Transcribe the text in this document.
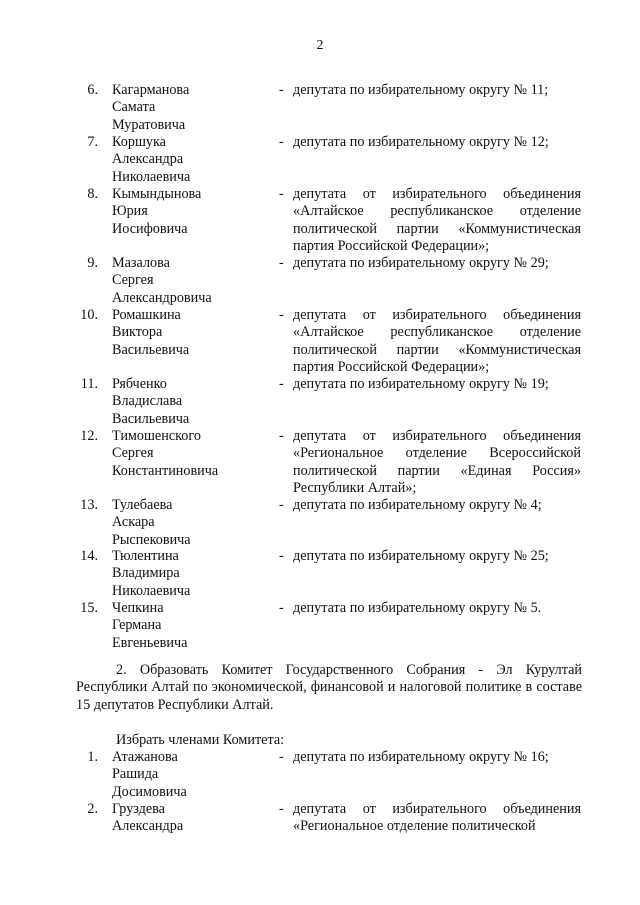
2
6. Кагарманова
Самата
Муратовича
- депутата по избирательному округу № 11;
7. Коршука
Александра
Николаевича
- депутата по избирательному округу № 12;
8. Кымындынова
Юрия
Иосифовича
- депутата от избирательного объединения «Алтайское республиканское отделение политической партии «Коммунистическая партия Российской Федерации»;
9. Мазалова
Сергея
Александровича
- депутата по избирательному округу № 29;
10. Ромашкина
Виктора
Васильевича
- депутата от избирательного объединения «Алтайское республиканское отделение политической партии «Коммунистическая партия Российской Федерации»;
11. Рябченко
Владислава
Васильевича
- депутата по избирательному округу № 19;
12. Тимошенского
Сергея
Константиновича
- депутата от избирательного объединения «Региональное отделение Всероссийской политической партии «Единая Россия» Республики Алтай»;
13. Тулебаева
Аскара
Рыспековича
- депутата по избирательному округу № 4;
14. Тюлентина
Владимира
Николаевича
- депутата по избирательному округу № 25;
15. Чепкина
Германа
Евгеньевича
- депутата по избирательному округу № 5.
2. Образовать Комитет Государственного Собрания - Эл Курултай Республики Алтай по экономической, финансовой и налоговой политике в составе 15 депутатов Республики Алтай.
Избрать членами Комитета:
1. Атажанова
Рашида
Досимовича
- депутата по избирательному округу № 16;
2. Груздева
Александра
- депутата от избирательного объединения «Региональное отделение политической
